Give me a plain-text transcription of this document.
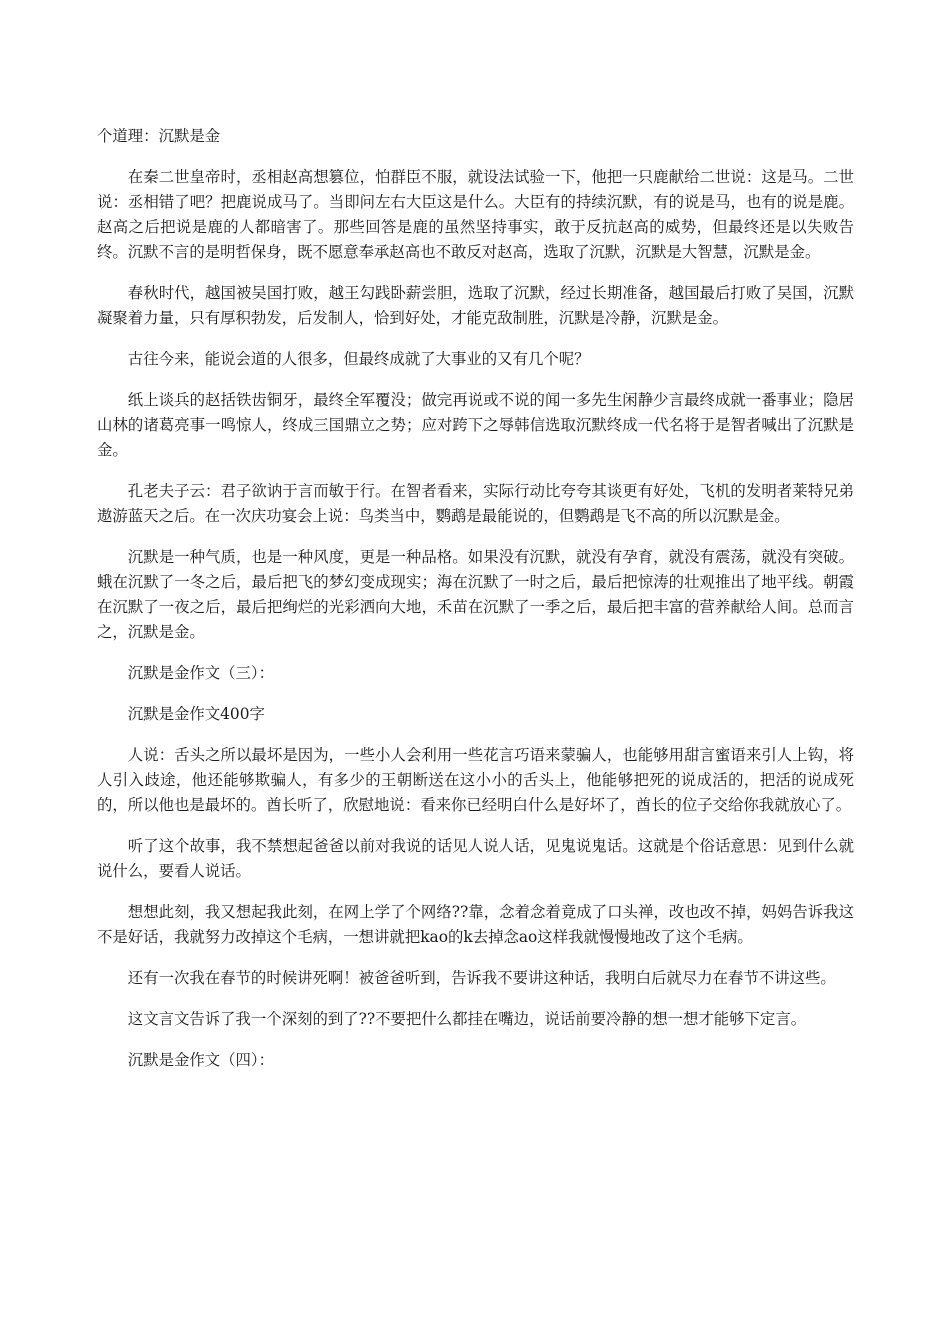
个道理：沉默是金

在秦二世皇帝时，丞相赵高想篡位，怕群臣不服，就设法试验一下，他把一只鹿献给二世说：这是马。二世说：丞相错了吧？把鹿说成马了。当即问左右大臣这是什么。大臣有的持续沉默，有的说是马，也有的说是鹿。赵高之后把说是鹿的人都暗害了。那些回答是鹿的虽然坚持事实，敢于反抗赵高的威势，但最终还是以失败告终。沉默不言的是明哲保身，既不愿意奉承赵高也不敢反对赵高，选取了沉默，沉默是大智慧，沉默是金。

春秋时代，越国被吴国打败，越王勾践卧薪尝胆，选取了沉默，经过长期准备，越国最后打败了吴国，沉默凝聚着力量，只有厚积勃发，后发制人，恰到好处，才能克敌制胜，沉默是冷静，沉默是金。

古往今来，能说会道的人很多，但最终成就了大事业的又有几个呢？

纸上谈兵的赵括铁齿铜牙，最终全军覆没；做完再说或不说的闻一多先生闲静少言最终成就一番事业；隐居山林的诸葛亮事一鸣惊人，终成三国鼎立之势；应对跨下之辱韩信选取沉默终成一代名将于是智者喊出了沉默是金。

孔老夫子云：君子欲讷于言而敏于行。在智者看来，实际行动比夸夸其谈更有好处，飞机的发明者莱特兄弟遨游蓝天之后。在一次庆功宴会上说：鸟类当中，鹦鹉是最能说的，但鹦鹉是飞不高的所以沉默是金。

沉默是一种气质，也是一种风度，更是一种品格。如果没有沉默，就没有孕育，就没有震荡，就没有突破。蛾在沉默了一冬之后，最后把飞的梦幻变成现实；海在沉默了一时之后，最后把惊涛的壮观推出了地平线。朝霞在沉默了一夜之后，最后把绚烂的光彩洒向大地，禾苗在沉默了一季之后，最后把丰富的营养献给人间。总而言之，沉默是金。

沉默是金作文（三）：

沉默是金作文400字

人说：舌头之所以最坏是因为，一些小人会利用一些花言巧语来蒙骗人，也能够用甜言蜜语来引人上钩，将人引入歧途，他还能够欺骗人，有多少的王朝断送在这小小的舌头上，他能够把死的说成活的，把活的说成死的，所以他也是最坏的。酋长听了，欣慰地说：看来你已经明白什么是好坏了，酋长的位子交给你我就放心了。

听了这个故事，我不禁想起爸爸以前对我说的话见人说人话，见鬼说鬼话。这就是个俗话意思：见到什么就说什么，要看人说话。

想想此刻，我又想起我此刻，在网上学了个网络??靠，念着念着竟成了口头禅，改也改不掉，妈妈告诉我这不是好话，我就努力改掉这个毛病，一想讲就把kao的k去掉念ao这样我就慢慢地改了这个毛病。

还有一次我在春节的时候讲死啊！被爸爸听到，告诉我不要讲这种话，我明白后就尽力在春节不讲这些。

这文言文告诉了我一个深刻的到了??不要把什么都挂在嘴边，说话前要冷静的想一想才能够下定言。

沉默是金作文（四）：
